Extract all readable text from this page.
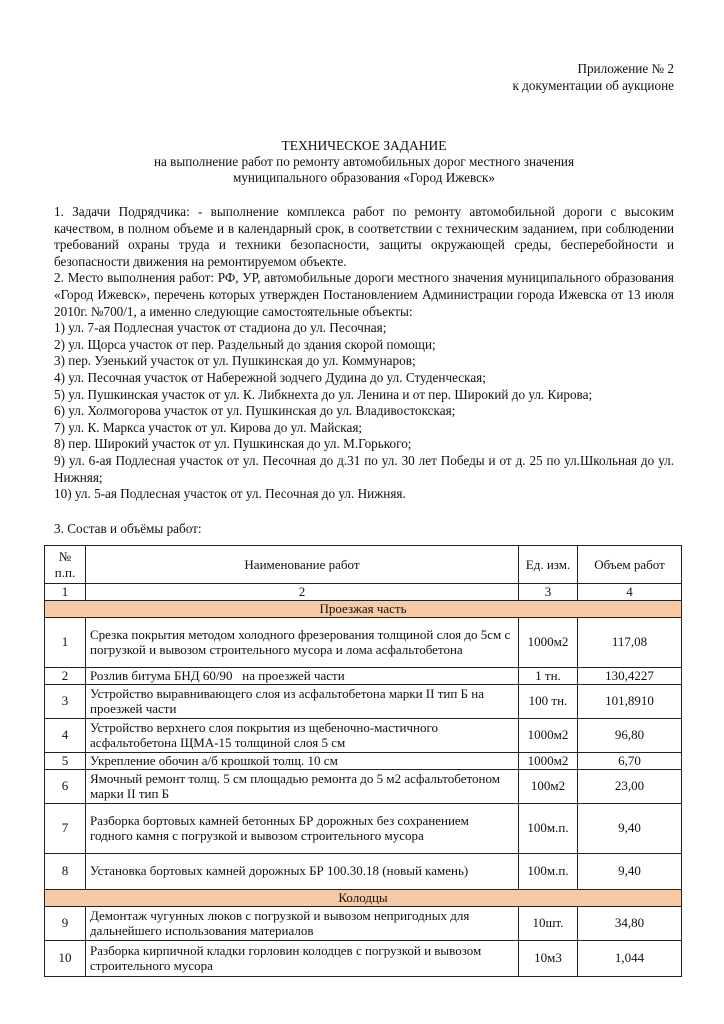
Приложение № 2
к документации об аукционе
ТЕХНИЧЕСКОЕ ЗАДАНИЕ
на выполнение работ по ремонту автомобильных дорог местного значения
муниципального образования «Город Ижевск»
1. Задачи Подрядчика: - выполнение комплекса работ по ремонту автомобильной дороги с высоким качеством, в полном объеме и в календарный срок, в соответствии с техническим заданием, при соблюдении требований охраны труда и техники безопасности, защиты окружающей среды, бесперебойности и безопасности движения на ремонтируемом объекте.
2. Место выполнения работ: РФ, УР, автомобильные дороги местного значения муниципального образования «Город Ижевск», перечень которых утвержден Постановлением Администрации города Ижевска от 13 июля 2010г. №700/1, а именно следующие самостоятельные объекты:
1) ул. 7-ая Подлесная участок от стадиона до ул. Песочная;
2) ул. Щорса участок от пер. Раздельный до здания скорой помощи;
3) пер. Узенький участок от ул. Пушкинская до ул. Коммунаров;
4) ул. Песочная участок от Набережной зодчего Дудина до ул. Студенческая;
5) ул. Пушкинская участок от ул. К. Либкнехта до ул. Ленина и от пер. Широкий до ул. Кирова;
6) ул. Холмогорова участок от ул. Пушкинская до ул. Владивостокская;
7) ул. К. Маркса участок от ул. Кирова до ул. Майская;
8) пер. Широкий участок от ул. Пушкинская до ул. М.Горького;
9) ул. 6-ая Подлесная участок от ул. Песочная до д.31 по ул. 30 лет Победы и от д. 25 по ул.Школьная до ул. Нижняя;
10) ул. 5-ая Подлесная участок от ул. Песочная до ул. Нижняя.
3. Состав и объёмы работ:
№
п.п.	Наименование работ	Ед. изм.	Объем работ
1	2	3	4
Проезжая часть			
1	Срезка покрытия методом холодного фрезерования толщиной слоя до 5см с погрузкой и вывозом строительного мусора и лома асфальтобетона	1000м2	117,08
2	Розлив битума БНД 60/90   на проезжей части	1 тн.	130,4227
3	Устройство выравнивающего слоя из асфальтобетона марки II тип Б на проезжей части	100 тн.	101,8910
4	Устройство верхнего слоя покрытия из щебеночно-мастичного асфальтобетона ЩМА-15 толщиной слоя 5 см	1000м2	96,80
5	Укрепление обочин а/б крошкой толщ. 10 см	1000м2	6,70
6	Ямочный ремонт толщ. 5 см площадью ремонта до 5 м2 асфальтобетоном марки II тип Б	100м2	23,00
7	Разборка бортовых камней бетонных БР дорожных без сохранением годного камня с погрузкой и вывозом строительного мусора	100м.п.	9,40
8	Установка бортовых камней дорожных БР 100.30.18 (новый камень)	100м.п.	9,40
Колодцы			
9	Демонтаж чугунных люков с погрузкой и вывозом непригодных для дальнейшего использования материалов	10шт.	34,80
10	Разборка кирпичной кладки горловин колодцев с погрузкой и вывозом строительного мусора	10м3	1,044
